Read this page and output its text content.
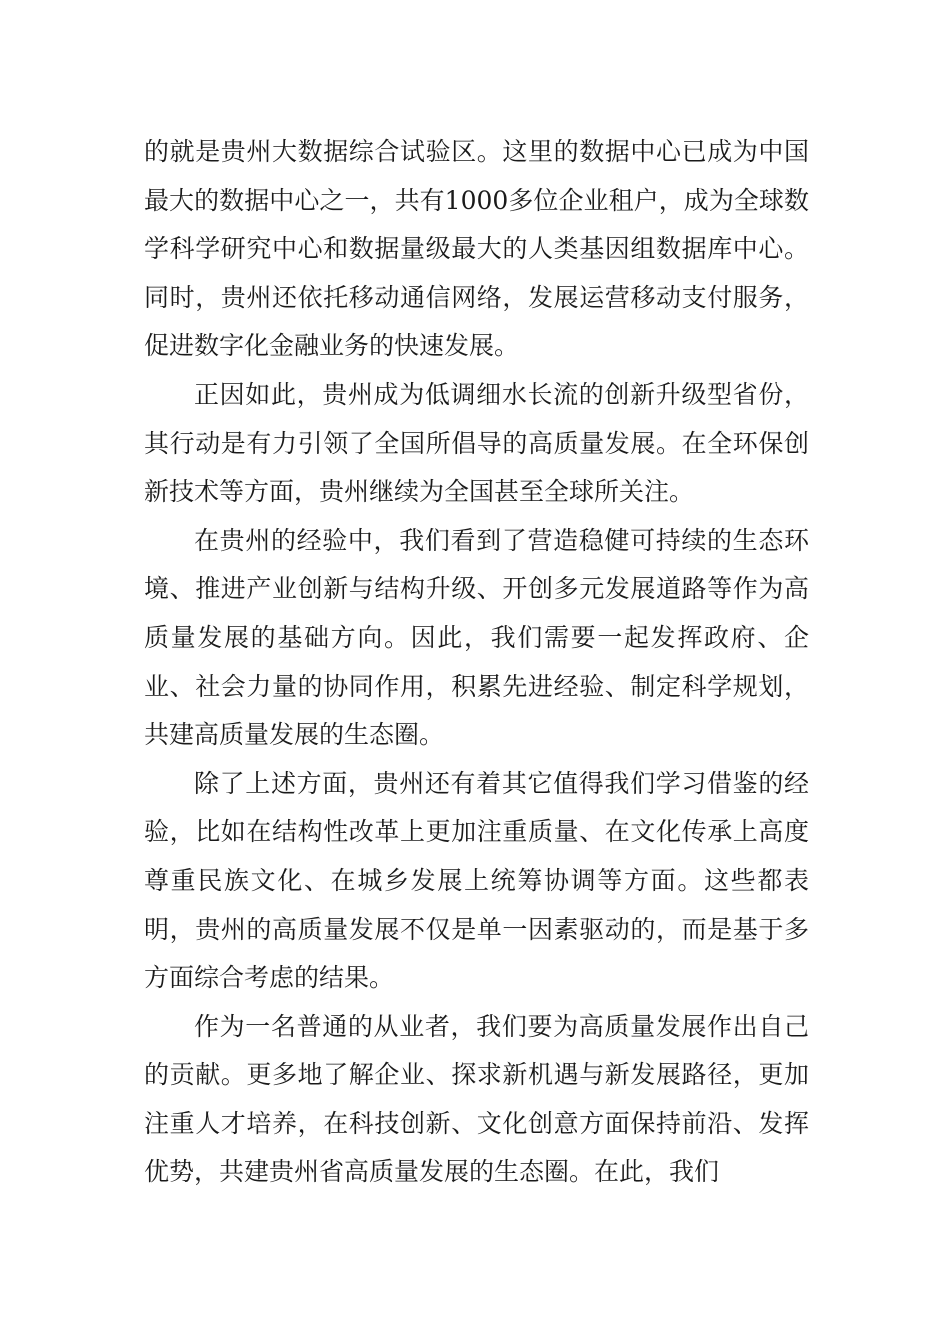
的就是贵州大数据综合试验区。这里的数据中心已成为中国最大的数据中心之一，共有1000多位企业租户，成为全球数学科学研究中心和数据量级最大的人类基因组数据库中心。同时，贵州还依托移动通信网络，发展运营移动支付服务，促进数字化金融业务的快速发展。

正因如此，贵州成为低调细水长流的创新升级型省份，其行动是有力引领了全国所倡导的高质量发展。在全环保创新技术等方面，贵州继续为全国甚至全球所关注。

在贵州的经验中，我们看到了营造稳健可持续的生态环境、推进产业创新与结构升级、开创多元发展道路等作为高质量发展的基础方向。因此，我们需要一起发挥政府、企业、社会力量的协同作用，积累先进经验、制定科学规划，共建高质量发展的生态圈。

除了上述方面，贵州还有着其它值得我们学习借鉴的经验，比如在结构性改革上更加注重质量、在文化传承上高度尊重民族文化、在城乡发展上统筹协调等方面。这些都表明，贵州的高质量发展不仅是单一因素驱动的，而是基于多方面综合考虑的结果。

作为一名普通的从业者，我们要为高质量发展作出自己的贡献。更多地了解企业、探求新机遇与新发展路径，更加注重人才培养，在科技创新、文化创意方面保持前沿、发挥优势，共建贵州省高质量发展的生态圈。在此，我们
